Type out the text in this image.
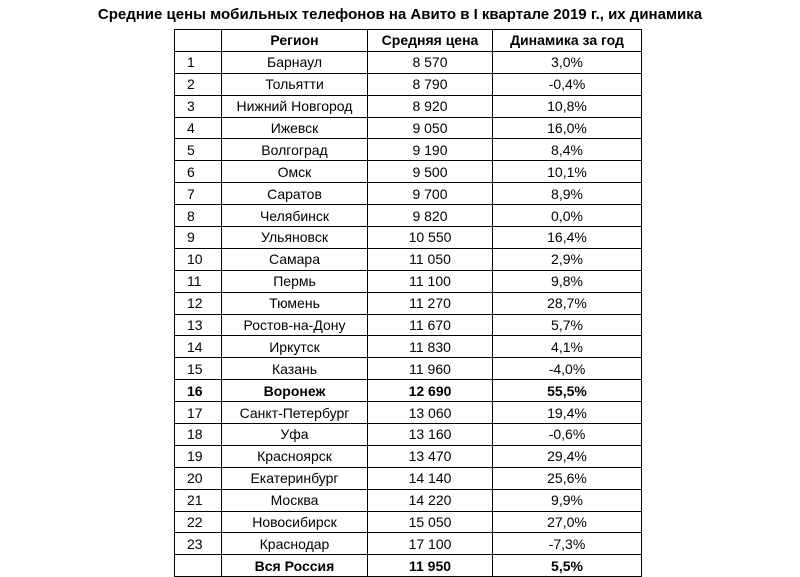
Средние цены мобильных телефонов на Авито в I квартале 2019 г., их динамика
	Регион	Средняя цена	Динамика за год
1	Барнаул	8 570	3,0%
2	Тольятти	8 790	-0,4%
3	Нижний Новгород	8 920	10,8%
4	Ижевск	9 050	16,0%
5	Волгоград	9 190	8,4%
6	Омск	9 500	10,1%
7	Саратов	9 700	8,9%
8	Челябинск	9 820	0,0%
9	Ульяновск	10 550	16,4%
10	Самара	11 050	2,9%
11	Пермь	11 100	9,8%
12	Тюмень	11 270	28,7%
13	Ростов-на-Дону	11 670	5,7%
14	Иркутск	11 830	4,1%
15	Казань	11 960	-4,0%
16	Воронеж	12 690	55,5%
17	Санкт-Петербург	13 060	19,4%
18	Уфа	13 160	-0,6%
19	Красноярск	13 470	29,4%
20	Екатеринбург	14 140	25,6%
21	Москва	14 220	9,9%
22	Новосибирск	15 050	27,0%
23	Краснодар	17 100	-7,3%
	Вся Россия	11 950	5,5%
